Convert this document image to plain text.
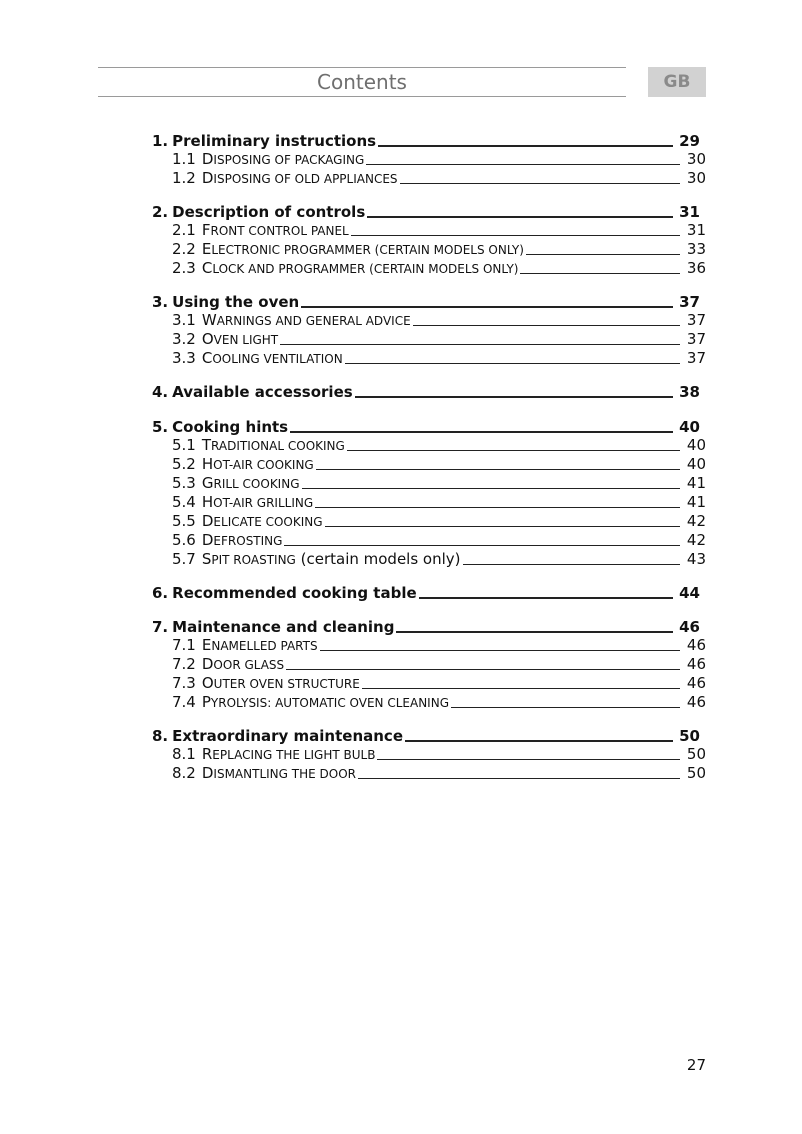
Contents	GB
1. Preliminary instructions	29
1.1 DISPOSING OF PACKAGING	30
1.2 DISPOSING OF OLD APPLIANCES	30
2. Description of controls	31
2.1 FRONT CONTROL PANEL	31
2.2 ELECTRONIC PROGRAMMER (CERTAIN MODELS ONLY)	33
2.3 CLOCK AND PROGRAMMER (CERTAIN MODELS ONLY)	36
3. Using the oven	37
3.1 WARNINGS AND GENERAL ADVICE	37
3.2 OVEN LIGHT	37
3.3 COOLING VENTILATION	37
4. Available accessories	38
5. Cooking hints	40
5.1 TRADITIONAL COOKING	40
5.2 HOT-AIR COOKING	40
5.3 GRILL COOKING	41
5.4 HOT-AIR GRILLING	41
5.5 DELICATE COOKING	42
5.6 DEFROSTING	42
5.7 SPIT ROASTING (certain models only)	43
6. Recommended cooking table	44
7. Maintenance and cleaning	46
7.1 ENAMELLED PARTS	46
7.2 DOOR GLASS	46
7.3 OUTER OVEN STRUCTURE	46
7.4 PYROLYSIS: AUTOMATIC OVEN CLEANING	46
8. Extraordinary maintenance	50
8.1 REPLACING THE LIGHT BULB	50
8.2 DISMANTLING THE DOOR	50
27
